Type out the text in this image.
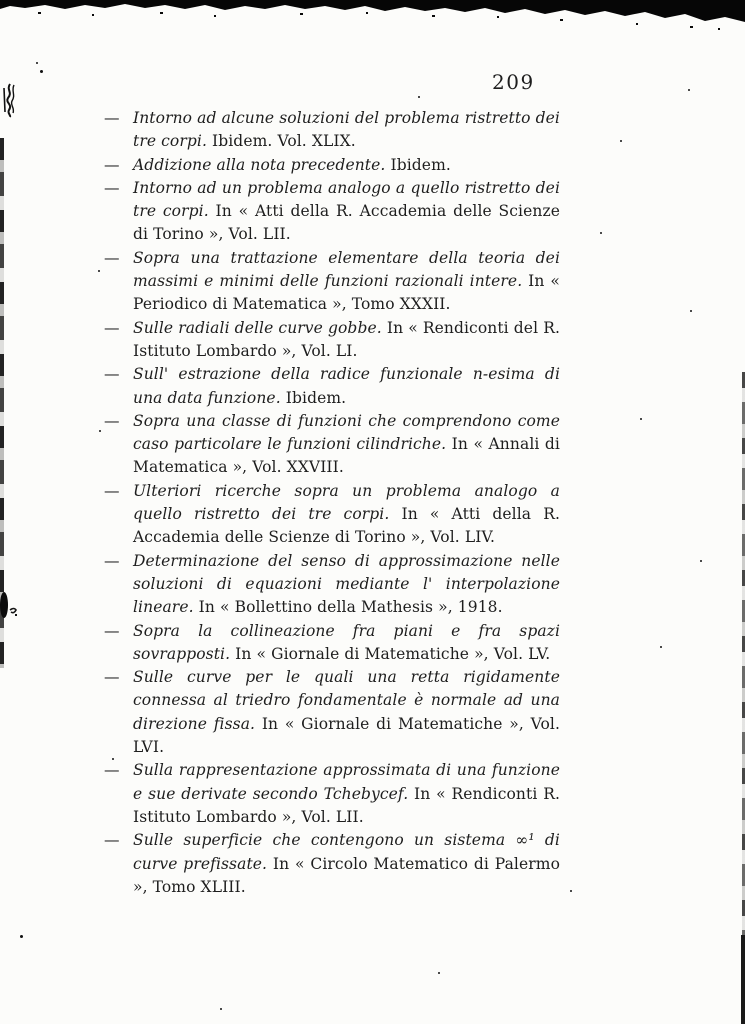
209
— Intorno ad alcune soluzioni del problema ristretto dei tre corpi. Ibidem. Vol. XLIX.
— Addizione alla nota precedente. Ibidem.
— Intorno ad un problema analogo a quello ristretto dei tre corpi. In « Atti della R. Accademia delle Scienze di Torino », Vol. LII.
— Sopra una trattazione elementare della teoria dei massimi e minimi delle funzioni razionali intere. In « Periodico di Matematica », Tomo XXXII.
— Sulle radiali delle curve gobbe. In « Rendiconti del R. Istituto Lombardo », Vol. LI.
— Sull' estrazione della radice funzionale n-esima di una data funzione. Ibidem.
— Sopra una classe di funzioni che comprendono come caso particolare le funzioni cilindriche. In « Annali di Matematica », Vol. XXVIII.
— Ulteriori ricerche sopra un problema analogo a quello ristretto dei tre corpi. In « Atti della R. Accademia delle Scienze di Torino », Vol. LIV.
— Determinazione del senso di approssimazione nelle soluzioni di equazioni mediante l' interpolazione lineare. In « Bollettino della Mathesis », 1918.
— Sopra la collineazione fra piani e fra spazi sovrapposti. In « Giornale di Matematiche », Vol. LV.
— Sulle curve per le quali una retta rigidamente connessa al triedro fondamentale è normale ad una direzione fissa. In « Giornale di Matematiche », Vol. LVI.
— Sulla rappresentazione approssimata di una funzione e sue derivate secondo Tchebycef. In « Rendiconti R. Istituto Lombardo », Vol. LII.
— Sulle superficie che contengono un sistema ∞¹ di curve prefissate. In « Circolo Matematico di Palermo », Tomo XLIII.
